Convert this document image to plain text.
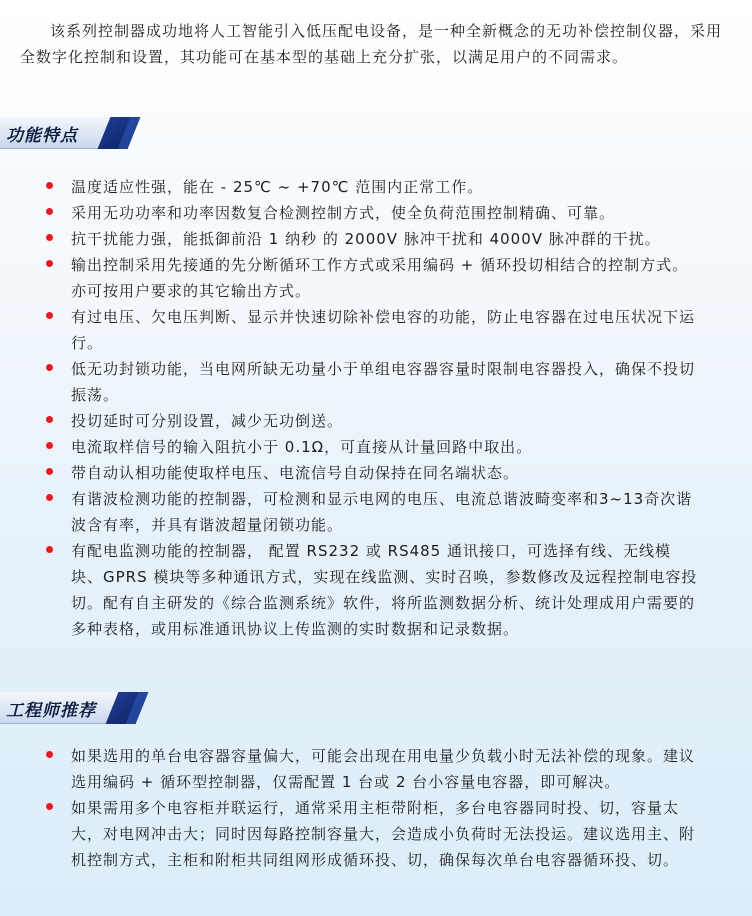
该系列控制器成功地将人工智能引入低压配电设备，是一种全新概念的无功补偿控制仪器，采用全数字化控制和设置，其功能可在基本型的基础上充分扩张，以满足用户的不同需求。

功能特点
温度适应性强，能在 - 25℃ ~ +70℃ 范围内正常工作。
采用无功功率和功率因数复合检测控制方式，使全负荷范围控制精确、可靠。
抗干扰能力强，能抵御前沿 1 纳秒 的 2000V 脉冲干扰和 4000V 脉冲群的干扰。
输出控制采用先接通的先分断循环工作方式或采用编码 + 循环投切相结合的控制方式。亦可按用户要求的其它输出方式。
有过电压、欠电压判断、显示并快速切除补偿电容的功能，防止电容器在过电压状况下运行。
低无功封锁功能，当电网所缺无功量小于单组电容器容量时限制电容器投入，确保不投切振荡。
投切延时可分别设置，减少无功倒送。
电流取样信号的输入阻抗小于 0.1Ω，可直接从计量回路中取出。
带自动认相功能使取样电压、电流信号自动保持在同名端状态。
有谐波检测功能的控制器，可检测和显示电网的电压、电流总谐波畸变率和3~13奇次谐波含有率，并具有谐波超量闭锁功能。
有配电监测功能的控制器， 配置 RS232 或 RS485 通讯接口，可选择有线、无线模块、GPRS 模块等多种通讯方式，实现在线监测、实时召唤，参数修改及远程控制电容投切。配有自主研发的《综合监测系统》软件，将所监测数据分析、统计处理成用户需要的多种表格，或用标准通讯协议上传监测的实时数据和记录数据。
工程师推荐
如果选用的单台电容器容量偏大，可能会出现在用电量少负载小时无法补偿的现象。建议选用编码 + 循环型控制器，仅需配置 1 台或 2 台小容量电容器，即可解决。
如果需用多个电容柜并联运行，通常采用主柜带附柜，多台电容器同时投、切，容量太大，对电网冲击大；同时因每路控制容量大，会造成小负荷时无法投运。建议选用主、附机控制方式，主柜和附柜共同组网形成循环投、切，确保每次单台电容器循环投、切。
